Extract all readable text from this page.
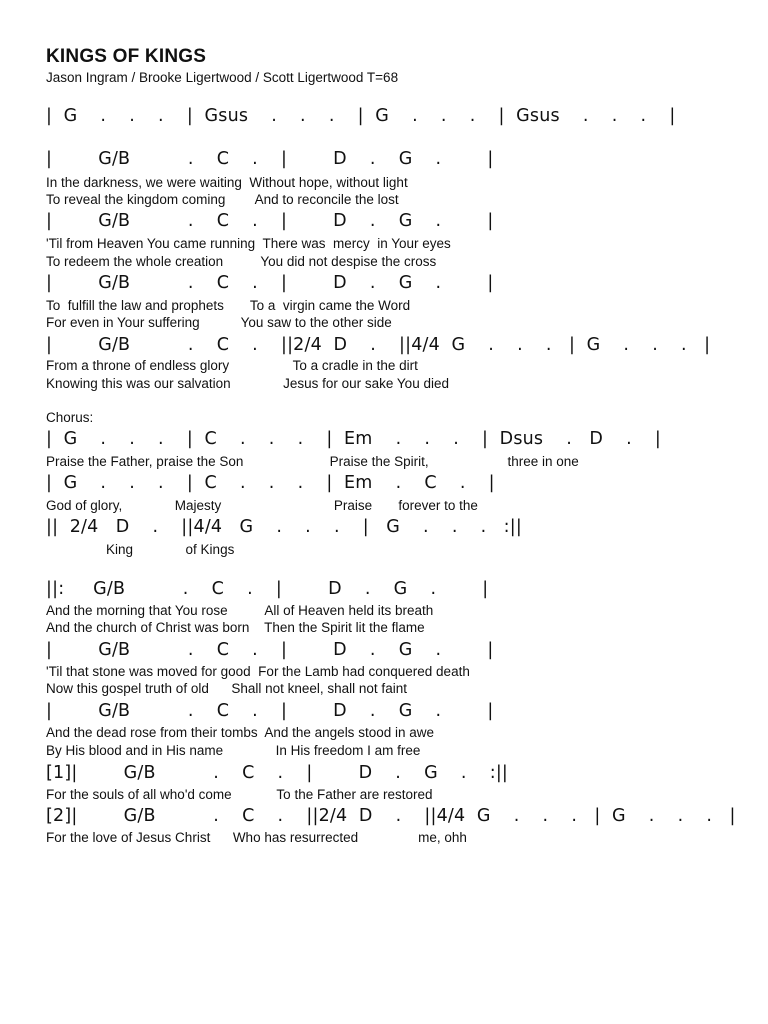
KINGS OF KINGS
Jason Ingram / Brooke Ligertwood / Scott Ligertwood T=68
|  G    .    .    .    |  Gsus    .    .    .    |  G    .    .    .    |  Gsus    .    .    .    |
|        G/B          .    C    .    |        D    .    G    .        |
In the darkness, we were waiting  Without hope, without light
To reveal the kingdom coming        And to reconcile the lost
|        G/B          .    C    .    |        D    .    G    .        |
'Til from Heaven You came running  There was  mercy  in Your eyes
To redeem the whole creation          You did not despise the cross
|        G/B          .    C    .    |        D    .    G    .        |
To  fulfill the law and prophets       To a  virgin came the Word
For even in Your suffering           You saw to the other side
|        G/B          .    C    .    ||2/4  D    .    ||4/4  G    .    .    .   |  G    .    .    .   |
From a throne of endless glory                 To a cradle in the dirt
Knowing this was our salvation              Jesus for our sake You died
Chorus:
|  G    .    .    .    |  C    .    .    .    |  Em    .    .    .    |  Dsus    .   D    .    |
Praise the Father, praise the Son                       Praise the Spirit,                     three in one
|  G    .    .    .    |  C    .    .    .    |  Em    .    C    .    |
God of glory,              Majesty                              Praise       forever to the
||  2/4   D    .    ||4/4   G    .    .    .    |   G    .    .    .   :||
King              of Kings
||:     G/B          .    C    .    |        D    .    G    .        |
And the morning that You rose          All of Heaven held its breath
And the church of Christ was born    Then the Spirit lit the flame
|        G/B          .    C    .    |        D    .    G    .        |
'Til that stone was moved for good  For the Lamb had conquered death
Now this gospel truth of old      Shall not kneel, shall not faint
|        G/B          .    C    .    |        D    .    G    .        |
And the dead rose from their tombs  And the angels stood in awe
By His blood and in His name              In His freedom I am free
[1]|        G/B          .    C    .    |        D    .    G    .    :||
For the souls of all who'd come            To the Father are restored
[2]|        G/B          .    C    .    ||2/4  D    .    ||4/4  G    .    .    .   |  G    .    .    .   |
For the love of Jesus Christ      Who has resurrected                me, ohh
